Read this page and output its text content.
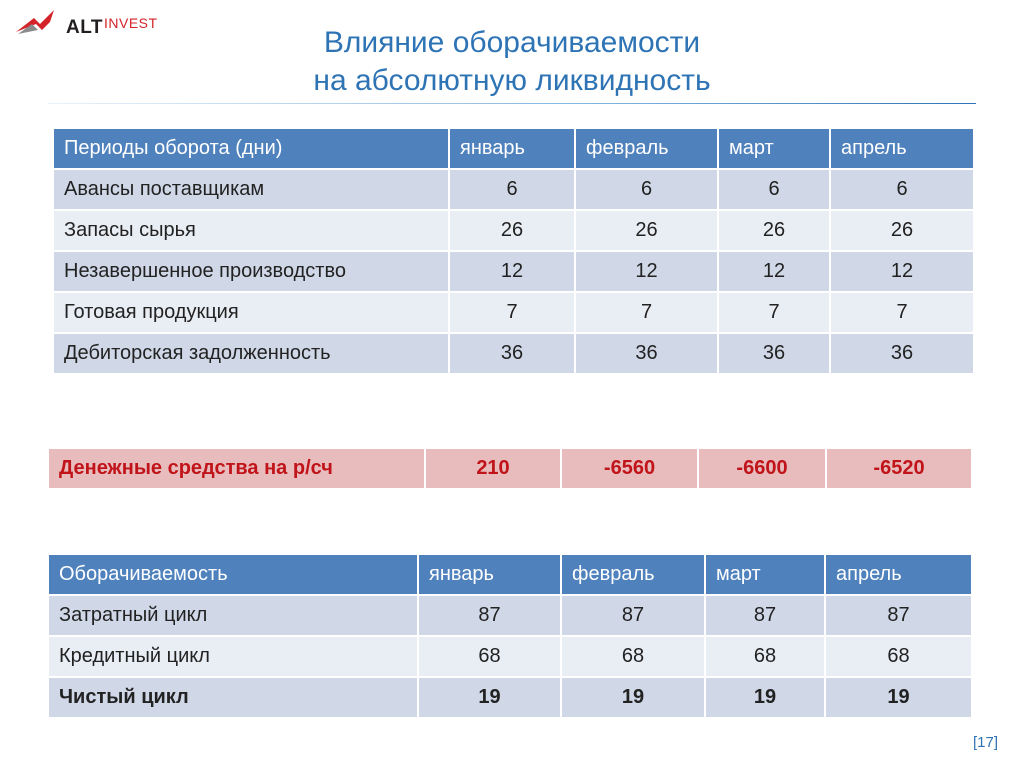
ALT INVEST
Влияние оборачиваемости
на абсолютную ликвидность
Периоды оборота (дни)	январь	февраль	март	апрель
Авансы поставщикам	6	6	6	6
Запасы сырья	26	26	26	26
Незавершенное производство	12	12	12	12
Готовая продукция	7	7	7	7
Дебиторская задолженность	36	36	36	36
Денежные средства на р/сч	210	-6560	-6600	-6520
Оборачиваемость	январь	февраль	март	апрель
Затратный цикл	87	87	87	87
Кредитный цикл	68	68	68	68
Чистый цикл	19	19	19	19
[17]
